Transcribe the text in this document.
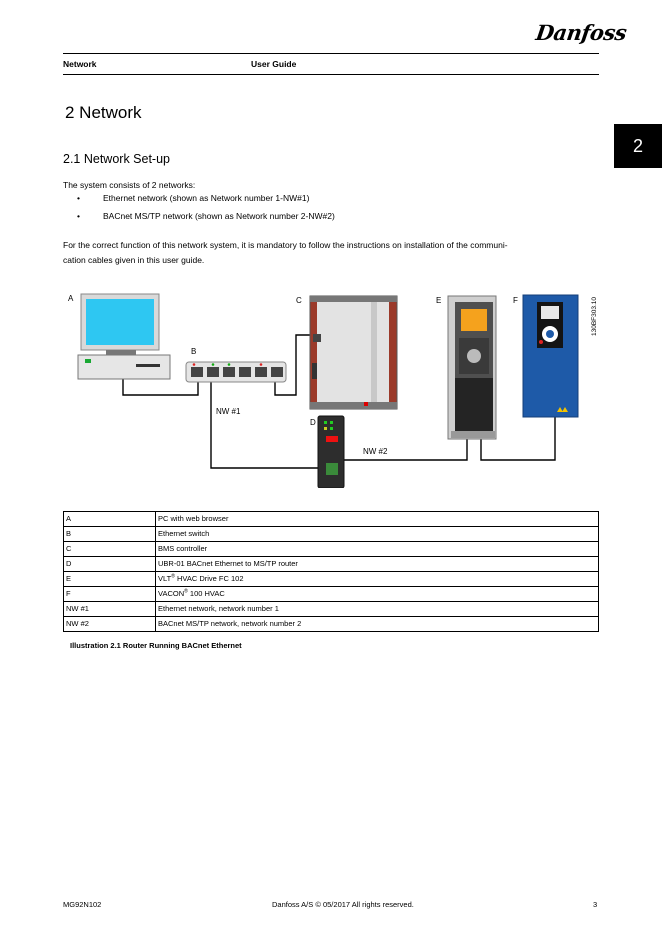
Danfoss
Network	User Guide
2
2 Network
2.1 Network Set-up
The system consists of 2 networks:
•	Ethernet network (shown as Network number 1-NW#1)
•	BACnet MS/TP network (shown as Network number 2-NW#2)
For the correct function of this network system, it is mandatory to follow the instructions on installation of the communi-
cation cables given in this user guide.
A
B
C
D
E	F
NW #1
NW #2
130BF303.10
A	PC with web browser
B	Ethernet switch
C	BMS controller
D	UBR-01 BACnet Ethernet to MS/TP router
E	VLT® HVAC Drive FC 102
F	VACON® 100 HVAC
NW #1	Ethernet network, network number 1
NW #2	BACnet MS/TP network, network number 2
Illustration 2.1 Router Running BACnet Ethernet
MG92N102	Danfoss A/S © 05/2017 All rights reserved.	3
